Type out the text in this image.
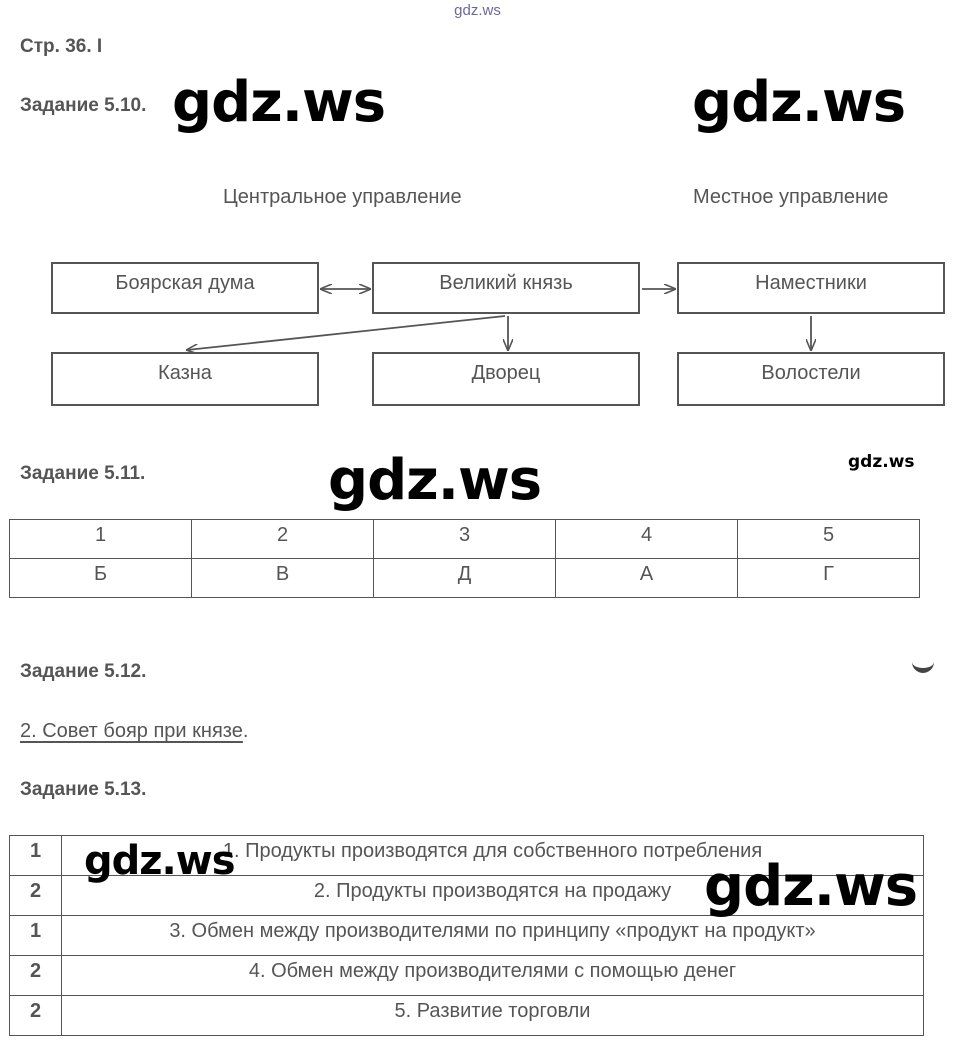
gdz.ws
Стр. 36. I
Задание 5.10.
Центральное управление	Местное управление
Боярская дума	Великий князь	Наместники
Казна	Дворец	Волостели
Задание 5.11.
1	2	3	4	5
Б	В	Д	А	Г
Задание 5.12.
2. Совет бояр при князе.
Задание 5.13.
1	1. Продукты производятся для собственного потребления
2	2. Продукты производятся на продажу
1	3. Обмен между производителями по принципу «продукт на продукт»
2	4. Обмен между производителями с помощью денег
2	5. Развитие торговли
gdz.ws	gdz.ws
gdz.ws	gdz.ws
gdz.ws	gdz.ws
